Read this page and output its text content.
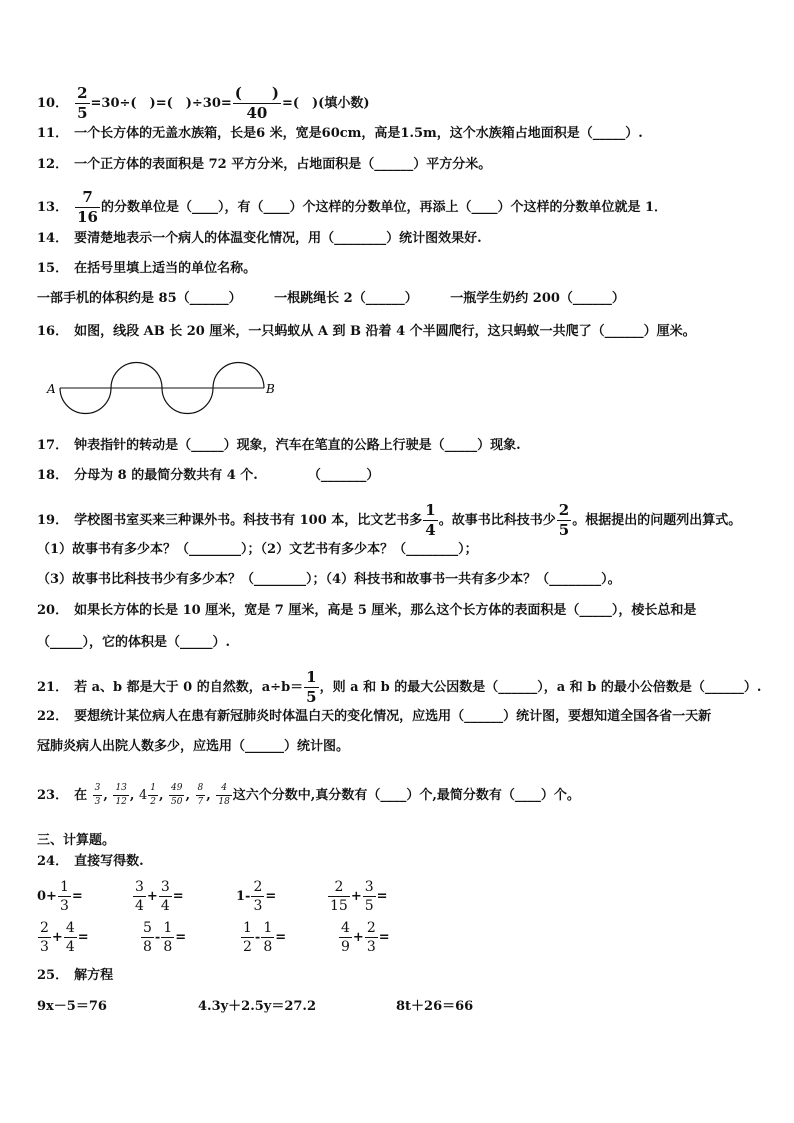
10． $\frac{2}{5} =30\div$(　)=(　)$\div 30= \frac{( )}{40}$ =(　)(填小数)
11． 一个长方体的无盖水族箱，长是6 米，宽是60cm，高是1.5m，这个水族箱占地面积是（_____）.
12． 一个正方体的表面积是 72 平方分米，占地面积是（______）平方分米。
13． $\frac{7}{16}$ 的分数单位是（____），有（____）个这样的分数单位，再添上（____）个这样的分数单位就是 1．
14． 要清楚地表示一个病人的体温变化情况，用（________）统计图效果好.
15． 在括号里填上适当的单位名称。
一部手机的体积约是 85（______）	一根跳绳长 2（______）	一瓶学生奶约 200（______）
16． 如图，线段 AB 长 20 厘米，一只蚂蚁从 A 到 B 沿着 4 个半圆爬行，这只蚂蚁一共爬了（______）厘米。
A	B
17． 钟表指针的转动是（_____）现象，汽车在笔直的公路上行驶是（_____）现象.
18． 分母为 8 的最简分数共有 4 个.	（_______）
19． 学校图书室买来三种课外书。科技书有 100 本，比文艺书多 $\frac{1}{4}$ 。故事书比科技书少 $\frac{2}{5}$ 。根据提出的问题列出算式。
（1）故事书有多少本？（________）；（2）文艺书有多少本？（________）；
（3）故事书比科技书少有多少本？（________）；（4）科技书和故事书一共有多少本？（________）。
20． 如果长方体的长是 10 厘米，宽是 7 厘米，高是 5 厘米，那么这个长方体的表面积是（_____），棱长总和是
（_____），它的体积是（_____）.
21． 若 a、b 都是大于 0 的自然数，$a\div b= \frac{1}{5}$ ，则 a 和 b 的最大公因数是（______），a 和 b 的最小公倍数是（______）.
22． 要想统计某位病人在患有新冠肺炎时体温白天的变化情况，应选用（______）统计图，要想知道全国各省一天新
冠肺炎病人出院人数多少，应选用（______）统计图。
23． 在 $\frac{3}{3}$ , $\frac{13}{12}$ , $4 \frac{1}{2}$ , $\frac{49}{50}$ , $\frac{8}{7}$ , $\frac{4}{18}$ 这六个分数中,真分数有（____）个,最简分数有（____）个。
三、计算题。
24． 直接写得数.
$0+ \frac{1}{3}$ =	$\frac{3}{4} + \frac{3}{4}$ =	$1- \frac{2}{3}$ =	$\frac{2}{15} + \frac{3}{5}$ =
$\frac{2}{3} + \frac{4}{4}$ =	$\frac{5}{8} - \frac{1}{8}$ =	$\frac{1}{2} - \frac{1}{8}$ =	$\frac{4}{9} + \frac{2}{3}$ =
25． 解方程
9x－5＝76	4.3y＋2.5y＝27.2	8t＋26＝66
